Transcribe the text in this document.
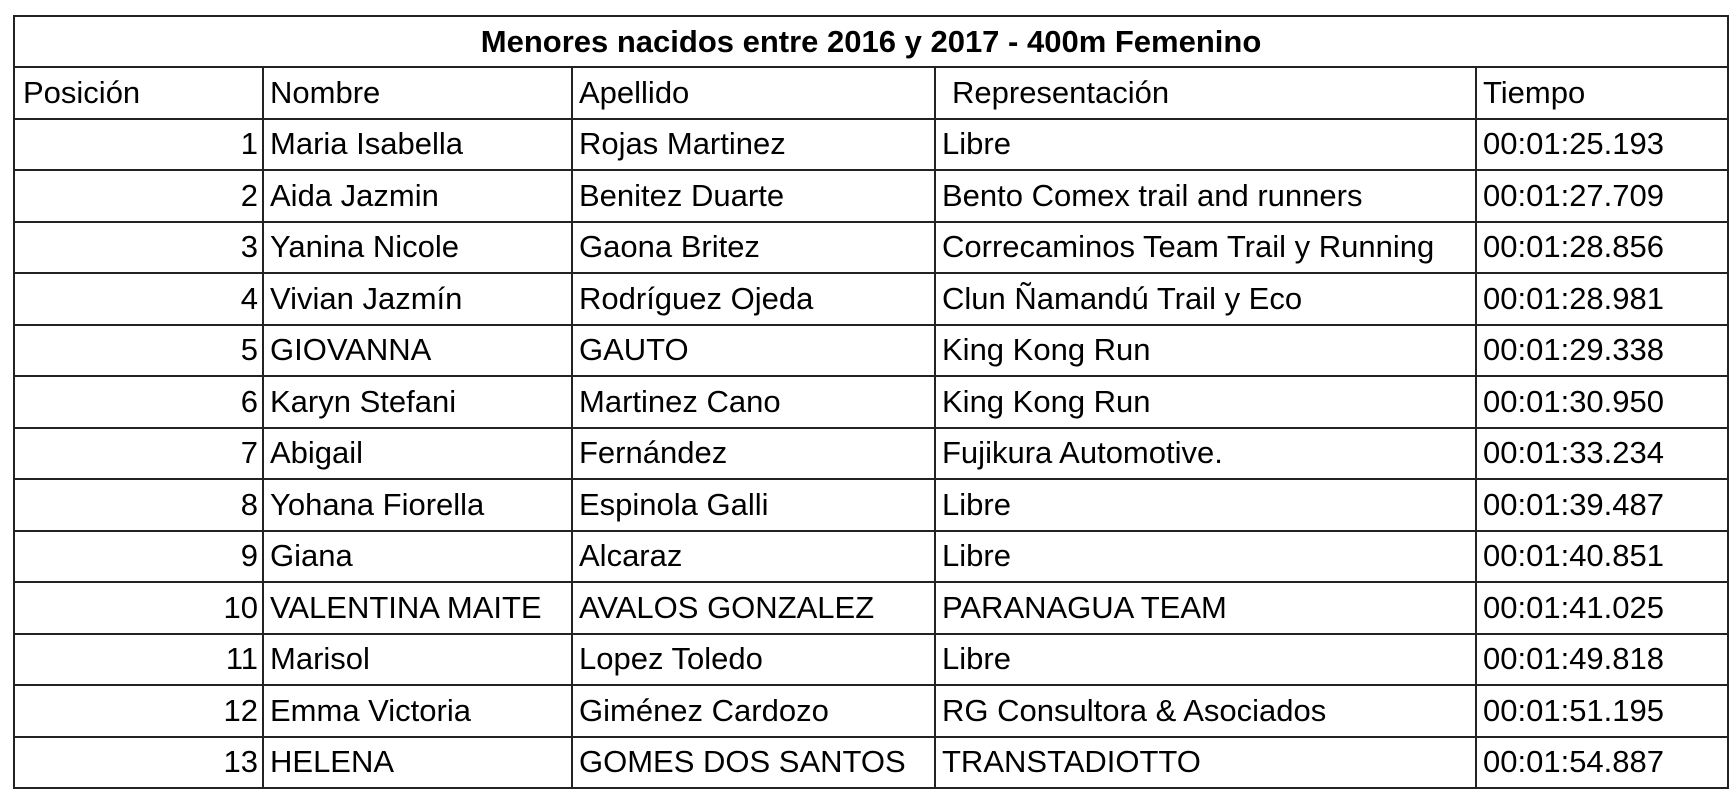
Menores nacidos entre 2016 y 2017 - 400m Femenino				
Posición	Nombre	Apellido	Representación	Tiempo
1	Maria Isabella	Rojas Martinez	Libre	00:01:25.193
2	Aida Jazmin	Benitez Duarte	Bento Comex trail and runners	00:01:27.709
3	Yanina Nicole	Gaona Britez	Correcaminos Team Trail y Running	00:01:28.856
4	Vivian Jazmín	Rodríguez Ojeda	Clun Ñamandú Trail y Eco	00:01:28.981
5	GIOVANNA	GAUTO	King Kong Run	00:01:29.338
6	Karyn Stefani	Martinez Cano	King Kong Run	00:01:30.950
7	Abigail	Fernández	Fujikura Automotive.	00:01:33.234
8	Yohana Fiorella	Espinola Galli	Libre	00:01:39.487
9	Giana	Alcaraz	Libre	00:01:40.851
10	VALENTINA MAITE	AVALOS GONZALEZ	PARANAGUA TEAM	00:01:41.025
11	Marisol	Lopez Toledo	Libre	00:01:49.818
12	Emma Victoria	Giménez Cardozo	RG Consultora & Asociados	00:01:51.195
13	HELENA	GOMES DOS SANTOS	TRANSTADIOTTO	00:01:54.887
